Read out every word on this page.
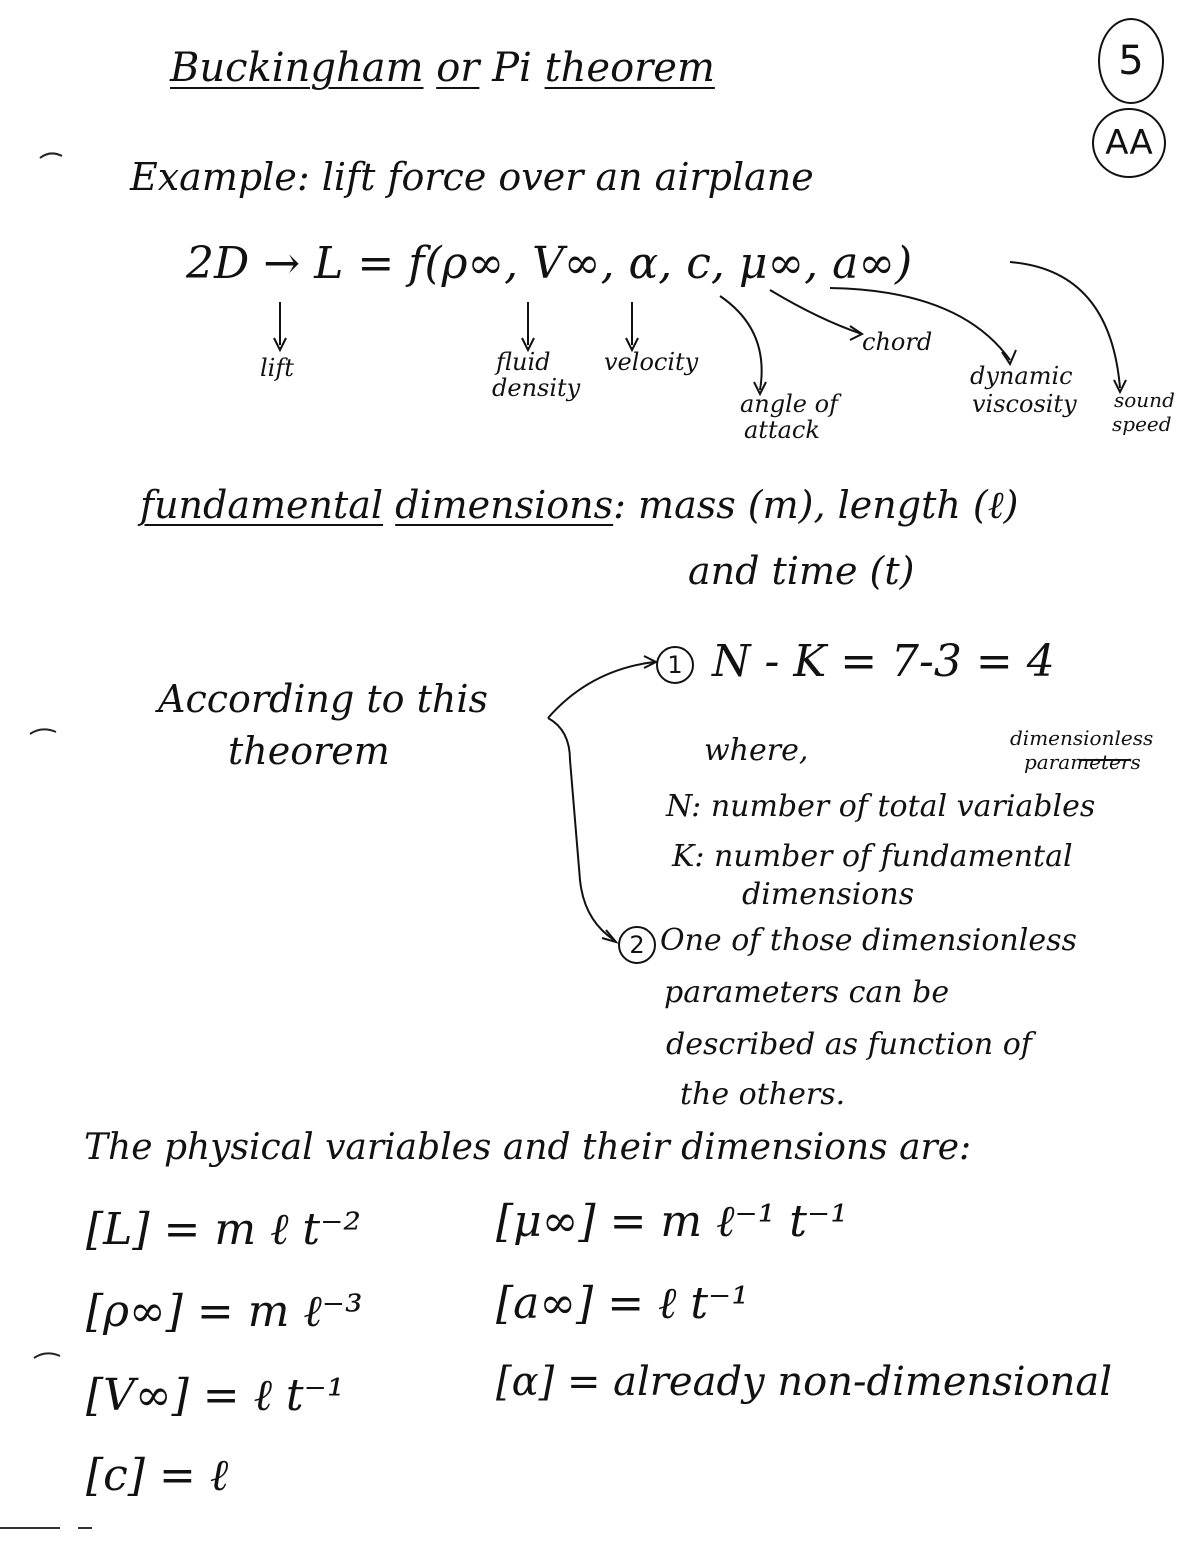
Buckingham or Pi theorem	5
AA
Example: lift force over an airplane
2D → L = f(ρ∞, V∞, α, c, μ∞, a∞)
lift	fluid
density
velocity
angle of
attack
chord
dynamic
viscosity sound
speed
fundamental dimensions: mass (m), length (ℓ)
and time (t)
According to this
theorem
1 N - K = 7-3 = 4
dimensionless
parameters
where,
N: number of total variables
K: number of fundamental
dimensions
2 One of those dimensionless
parameters can be
described as function of
the others.
The physical variables and their dimensions are:
[L] = m ℓ t⁻²
[ρ∞] = m ℓ⁻³
[V∞] = ℓ t⁻¹
[c] = ℓ
[μ∞] = m ℓ⁻¹ t⁻¹
[a∞] = ℓ t⁻¹
[α] = already non-dimensional
